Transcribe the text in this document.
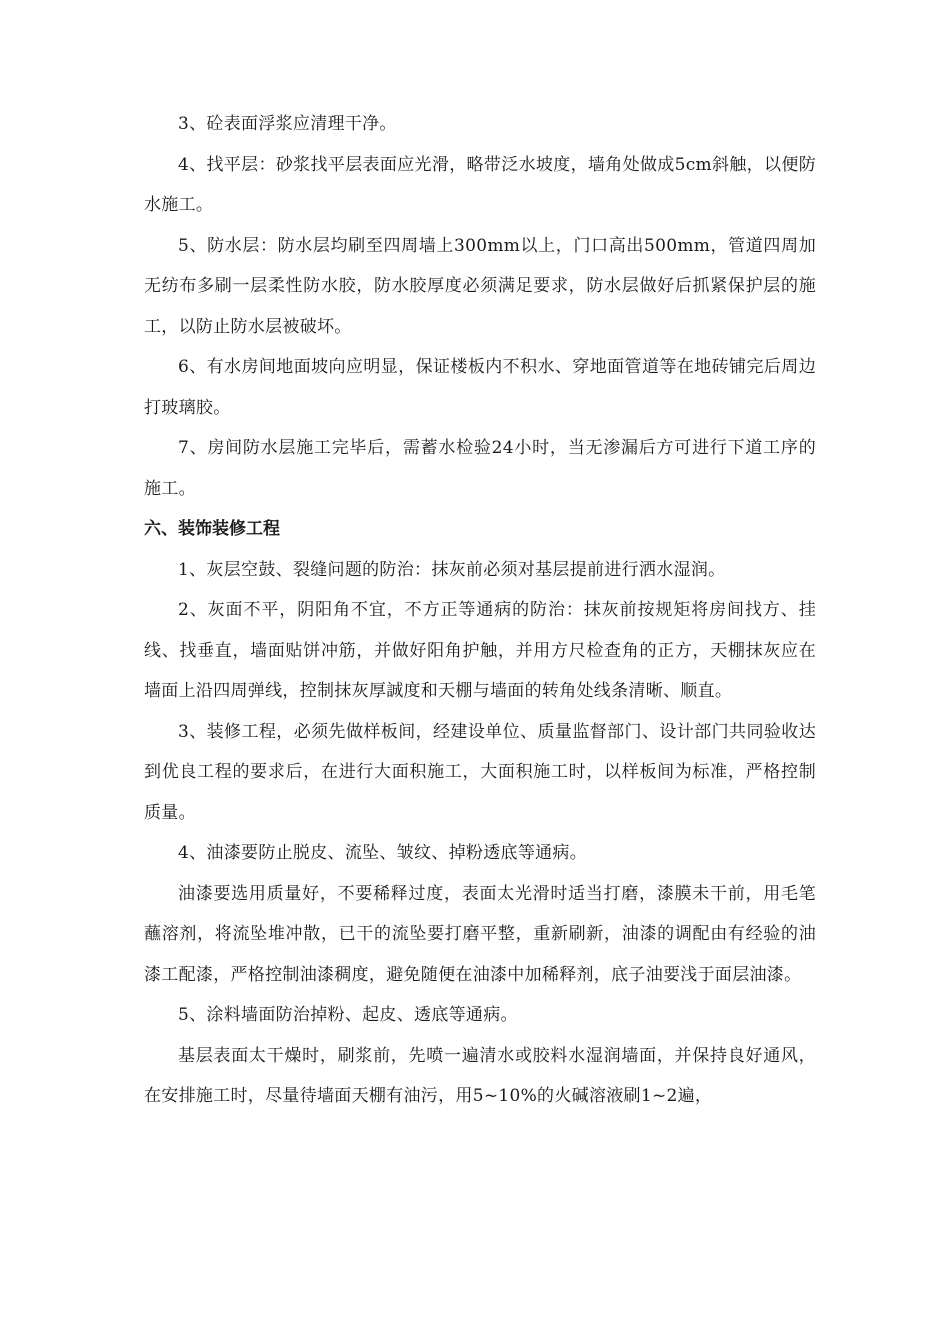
3、砼表面浮浆应清理干净。

4、找平层：砂浆找平层表面应光滑，略带泛水坡度，墙角处做成5cm斜触，以便防水施工。

5、防水层：防水层均刷至四周墙上300mm以上，门口高出500mm，管道四周加无纺布多刷一层柔性防水胶，防水胶厚度必须满足要求，防水层做好后抓紧保护层的施工，以防止防水层被破坏。

6、有水房间地面坡向应明显，保证楼板内不积水、穿地面管道等在地砖铺完后周边打玻璃胶。

7、房间防水层施工完毕后，需蓄水检验24小时，当无渗漏后方可进行下道工序的施工。

六、装饰装修工程

1、灰层空鼓、裂缝问题的防治：抹灰前必须对基层提前进行洒水湿润。

2、灰面不平，阴阳角不宜，不方正等通病的防治：抹灰前按规矩将房间找方、挂线、找垂直，墙面贴饼冲筋，并做好阳角护触，并用方尺检查角的正方，天棚抹灰应在墙面上沿四周弹线，控制抹灰厚誠度和天棚与墙面的转角处线条清晰、顺直。

3、装修工程，必须先做样板间，经建设单位、质量监督部门、设计部门共同验收达到优良工程的要求后，在进行大面积施工，大面积施工时，以样板间为标准，严格控制质量。

4、油漆要防止脱皮、流坠、皱纹、掉粉透底等通病。

油漆要选用质量好，不要稀释过度，表面太光滑时适当打磨，漆膜未干前，用毛笔蘸溶剂，将流坠堆冲散，已干的流坠要打磨平整，重新刷新，油漆的调配由有经验的油漆工配漆，严格控制油漆稠度，避免随便在油漆中加稀释剂，底子油要浅于面层油漆。

5、涂料墙面防治掉粉、起皮、透底等通病。

基层表面太干燥时，刷浆前，先喷一遍清水或胶料水湿润墙面，并保持良好通风，在安排施工时，尽量待墙面天棚有油污，用5~10%的火碱溶液刷1~2遍，
